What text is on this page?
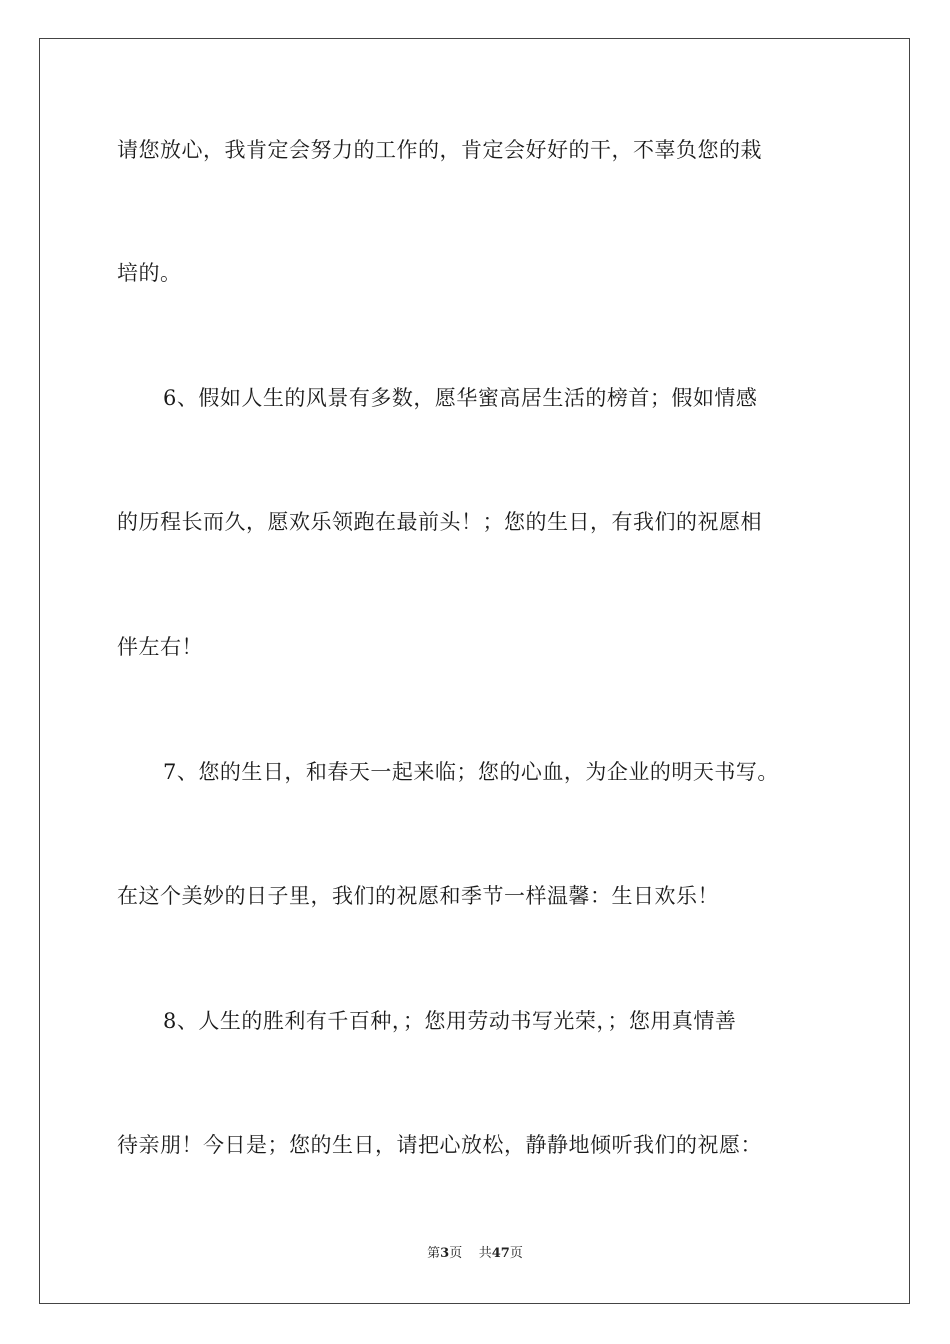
请您放心，我肯定会努力的工作的，肯定会好好的干，不辜负您的栽
培的。
6、假如人生的风景有多数，愿华蜜高居生活的榜首；假如情感
的历程长而久，愿欢乐领跑在最前头！；您的生日，有我们的祝愿相
伴左右！
7、您的生日，和春天一起来临；您的心血，为企业的明天书写。
在这个美妙的日子里，我们的祝愿和季节一样温馨：生日欢乐！
8、人生的胜利有千百种，；您用劳动书写光荣，；您用真情善
待亲朋！今日是；您的生日，请把心放松，静静地倾听我们的祝愿：
第3页 共47页
